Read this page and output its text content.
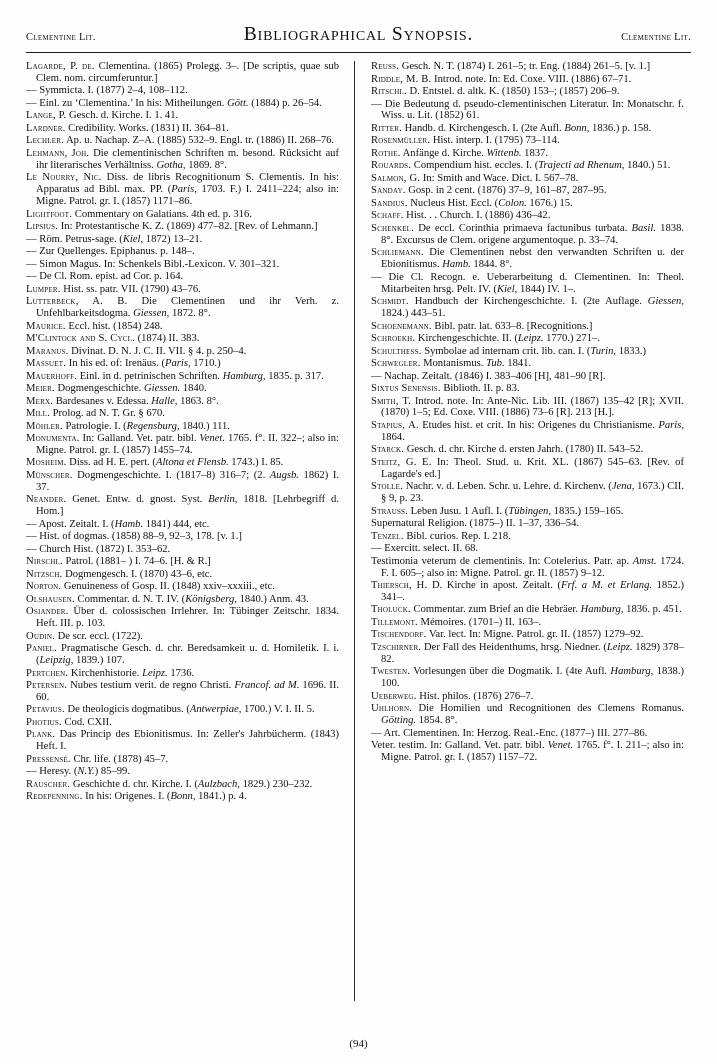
Clementine Lit.	Bibliographical Synopsis.	Clementine Lit.

Lagarde, P. de. Clementina. (1865) Prolegg. 3–. [De scriptis, quae sub Clem. nom. circumferuntur.]

— Symmicta. I. (1877) 2–4, 108–112.

— Einl. zu ‘Clementina.’ In his: Mitheilungen. Gött. (1884) p. 26–54.

Lange, P. Gesch. d. Kirche. I. 1. 41.

Lardner. Credibility. Works. (1831) II. 364–81.

Lechler. Ap. u. Nachap. Z–A. (1885) 532–9. Engl. tr. (1886) II. 268–76.

Lehmann, Joh. Die clementinischen Schriften m. besond. Rücksicht auf ihr literarisches Verhältniss. Gotha, 1869. 8°.

Le Nourry, Nic. Diss. de libris Recognitionum S. Clementis. In his: Apparatus ad Bibl. max. PP. (Paris, 1703. F.) I. 2411–224; also in: Migne. Patrol. gr. I. (1857) 1171–86.

Lightfoot. Commentary on Galatians. 4th ed. p. 316.

Lipsius. In: Protestantische K. Z. (1869) 477–82. [Rev. of Lehmann.]

— Röm. Petrus-sage. (Kiel, 1872) 13–21.

— Zur Quellenges. Epiphanus. p. 148–.

— Simon Magus. In: Schenkels Bibl.-Lexicon. V. 301–321.

— De Cl. Rom. epist. ad Cor. p. 164.

Lumper. Hist. ss. patr. VII. (1790) 43–76.

Lutterbeck, A. B. Die Clementinen und ihr Verh. z. Unfehlbarkeitsdogma. Giessen, 1872. 8°.

Maurice. Eccl. hist. (1854) 248.

M'Clintock and S. Cycl. (1874) II. 383.

Maranus. Divinat. D. N. J. C. II. VII. § 4. p. 250–4.

Massuet. In his ed. of: Irenäus. (Paris, 1710.)

Mauerhoff. Einl. in d. petrinischen Schriften. Hamburg, 1835. p. 317.

Meier. Dogmengeschichte. Giessen. 1840.

Merx. Bardesanes v. Edessa. Halle, 1863. 8°.

Mill. Prolog. ad N. T. Gr. § 670.

Möhler. Patrologie. I. (Regensburg, 1840.) 111.

Monumenta. In: Galland. Vet. patr. bibl. Venet. 1765. f°. II. 322–; also in: Migne. Patrol. gr. I. (1857) 1455–74.

Mosheim. Diss. ad H. E. pert. (Altona et Flensb. 1743.) I. 85.

Münscher. Dogmengeschichte. I. (1817–8) 316–7; (2. Augsb. 1862) I. 37.

Neander. Genet. Entw. d. gnost. Syst. Berlin, 1818. [Lehrbegriff d. Hom.]

— Apost. Zeitalt. I. (Hamb. 1841) 444, etc.

— Hist. of dogmas. (1858) 88–9, 92–3, 178. [v. 1.]

— Church Hist. (1872) I. 353–62.

Nirschl. Patrol. (1881– ) I. 74–6. [H. & R.]

Nitzsch. Dogmengesch. I. (1870) 43–6, etc.

Norton. Genuineness of Gosp. II. (1848) xxiv–xxxiii., etc.

Olshausen. Commentar. d. N. T. IV. (Königsberg, 1840.) Anm. 43.

Osiander. Über d. colossischen Irrlehrer. In: Tübinger Zeitschr. 1834. Heft. III. p. 103.

Oudin. De scr. eccl. (1722).

Paniel. Pragmatische Gesch. d. chr. Beredsamkeit u. d. Homiletik. I. i. (Leipzig, 1839.) 107.

Pertchen. Kirchenhistorie. Leipz. 1736.

Petersen. Nubes testium verit. de regno Christi. Francof. ad M. 1696. II. 60.

Petavius. De theologicis dogmatibus. (Antwerpiae, 1700.) V. I. II. 5.

Photius. Cod. CXII.

Plank. Das Princip des Ebionitismus. In: Zeller's Jahrbücherm. (1843) Heft. I.

Pressensé. Chr. life. (1878) 45–7.

— Heresy. (N.Y.) 85–99.

Rauscher. Geschichte d. chr. Kirche. I. (Aulzbach, 1829.) 230–232.

Redepenning. In his: Origenes. I. (Bonn, 1841.) p. 4.

Reuss. Gesch. N. T. (1874) I. 261–5; tr. Eng. (1884) 261–5. [v. 1.]

Riddle, M. B. Introd. note. In: Ed. Coxe. VIII. (1886) 67–71.

Ritschl. D. Entstel. d. altk. K. (1850) 153–; (1857) 206–9.

— Die Bedeutung d. pseudo-clementinischen Literatur. In: Monatschr. f. Wiss. u. Lit. (1852) 61.

Ritter. Handb. d. Kirchengesch. I. (2te Aufl. Bonn, 1836.) p. 158.

Rosenmüller. Hist. interp. I. (1795) 73–114.

Rothe. Anfänge d. Kirche. Wittenb. 1837.

Rouards. Compendium hist. eccles. I. (Trajecti ad Rhenum, 1840.) 51.

Salmon, G. In: Smith and Wace. Dict. I. 567–78.

Sanday. Gosp. in 2 cent. (1876) 37–9, 161–87, 287–95.

Sandius. Nucleus Hist. Eccl. (Colon. 1676.) 15.

Schaff. Hist. . . Church. I. (1886) 436–42.

Schenkel. De eccl. Corinthia primaeva factunibus turbata. Basil. 1838. 8°. Excursus de Clem. origene argumentoque. p. 33–74.

Schliemann. Die Clementinen nebst den verwandten Schriften u. der Ebionitismus. Hamb. 1844. 8°.

— Die Cl. Recogn. e. Ueberarbeitung d. Clementinen. In: Theol. Mitarbeiten hrsg. Pelt. IV. (Kiel, 1844) IV. 1–.

Schmidt. Handbuch der Kirchengeschichte. I. (2te Auflage. Giessen, 1824.) 443–51.

Schoenemann. Bibl. patr. lat. 633–8. [Recognitions.]

Schroekh. Kirchengeschichte. II. (Leipz. 1770.) 271–.

Schulthess. Symbolae ad internam crit. lib. can. I. (Turin, 1833.)

Schwegler. Montanismus. Tub. 1841.

— Nachap. Zeitalt. (1846) I. 383–406 [H], 481–90 [R].

Sixtus Senensis. Biblioth. II. p. 83.

Smith, T. Introd. note. In: Ante-Nic. Lib. III. (1867) 135–42 [R]; XVII. (1870) 1–5; Ed. Coxe. VIII. (1886) 73–6 [R]. 213 [H.].

Stapius, A. Etudes hist. et crit. In his: Origenes du Christianisme. Paris, 1864.

Starck. Gesch. d. chr. Kirche d. ersten Jahrh. (1780) II. 543–52.

Steitz, G. E. In: Theol. Stud. u. Krit. XL. (1867) 545–63. [Rev. of Lagarde's ed.]

Stolle. Nachr. v. d. Leben. Schr. u. Lehre. d. Kirchenv. (Jena, 1673.) CII. § 9, p. 23.

Strauss. Leben Jusu. 1 Aufl. I. (Tübingen, 1835.) 159–165.

Supernatural Religion. (1875–) II. 1–37, 336–54.

Tenzel. Bibl. curios. Rep. I. 218.

— Exercitt. select. II. 68.

Testimonia veterum de clementinis. In: Cotelerius. Patr. ap. Amst. 1724. F. I. 605–; also in: Migne. Patrol. gr. II. (1857) 9–12.

Thiersch, H. D. Kirche in apost. Zeitalt. (Frf. a M. et Erlang. 1852.) 341–.

Tholuck. Commentar. zum Brief an die Hebräer. Hamburg, 1836. p. 451.

Tillemont. Mémoires. (1701–) II. 163–.

Tischendorf. Var. lect. In: Migne. Patrol. gr. II. (1857) 1279–92.

Tzschirner. Der Fall des Heidenthums, hrsg. Niedner. (Leipz. 1829) 378–82.

Twesten. Vorlesungen über die Dogmatik. I. (4te Aufl. Hamburg, 1838.) 100.

Ueberweg. Hist. philos. (1876) 276–7.

Uhlhorn. Die Homilien und Recognitionen des Clemens Romanus. Götting. 1854. 8°.

— Art. Clementinen. In: Herzog. Real.-Enc. (1877–) III. 277–86.

Veter. testim. In: Galland. Vet. patr. bibl. Venet. 1765. f°. I. 211–; also in: Migne. Patrol. gr. I. (1857) 1157–72.

(94)
